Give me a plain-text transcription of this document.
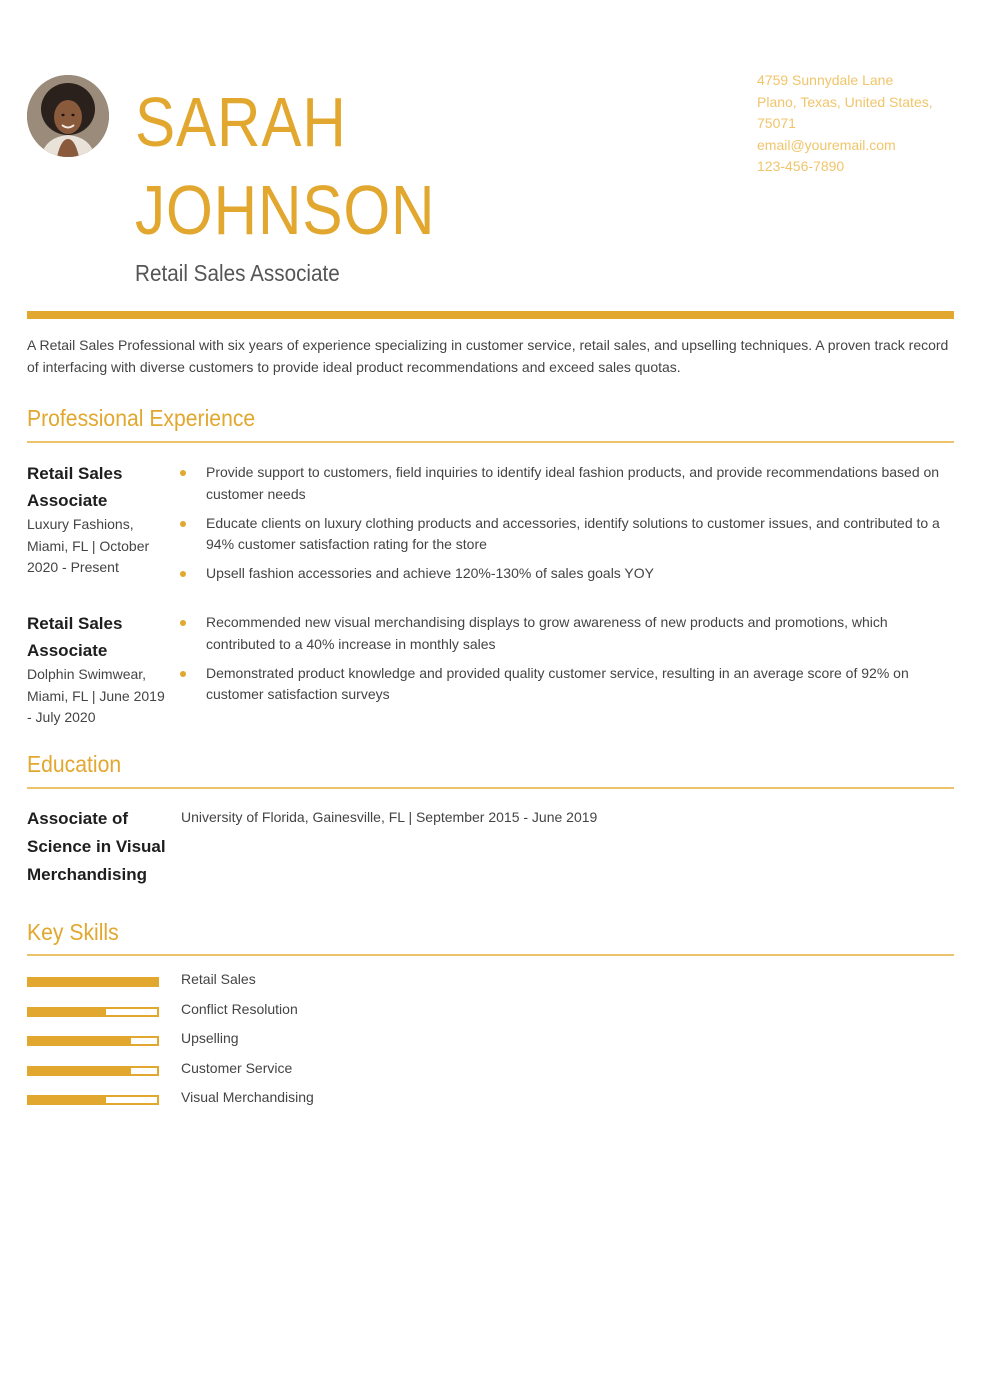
SARAH
JOHNSON
Retail Sales Associate
4759 Sunnydale Lane
Plano, Texas, United States,
75071
email@youremail.com
123-456-7890
A Retail Sales Professional with six years of experience specializing in customer service, retail sales, and upselling techniques. A proven track record of interfacing with diverse customers to provide ideal product recommendations and exceed sales quotas.
Professional Experience
Retail Sales Associate
Luxury Fashions, Miami, FL | October 2020 - Present
Provide support to customers, field inquiries to identify ideal fashion products, and provide recommendations based on customer needs
Educate clients on luxury clothing products and accessories, identify solutions to customer issues, and contributed to a 94% customer satisfaction rating for the store
Upsell fashion accessories and achieve 120%-130% of sales goals YOY
Retail Sales Associate
Dolphin Swimwear, Miami, FL | June 2019 - July 2020
Recommended new visual merchandising displays to grow awareness of new products and promotions, which contributed to a 40% increase in monthly sales
Demonstrated product knowledge and provided quality customer service, resulting in an average score of 92% on customer satisfaction surveys
Education
Associate of Science in Visual Merchandising
University of Florida, Gainesville, FL | September 2015 - June 2019
Key Skills
Retail Sales
Conflict Resolution
Upselling
Customer Service
Visual Merchandising
